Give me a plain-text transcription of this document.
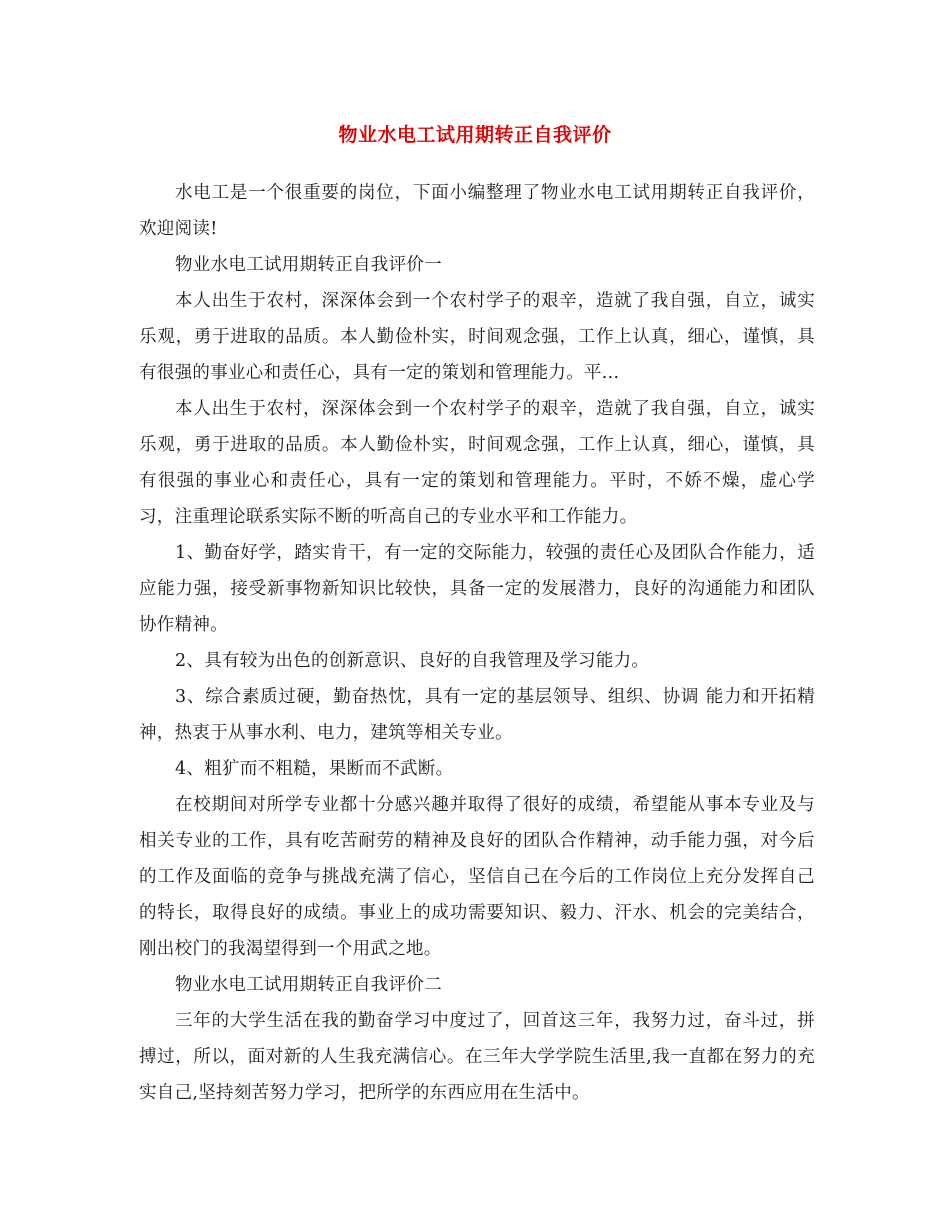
物业水电工试用期转正自我评价

水电工是一个很重要的岗位，下面小编整理了物业水电工试用期转正自我评价，欢迎阅读!

物业水电工试用期转正自我评价一

本人出生于农村，深深体会到一个农村学子的艰辛，造就了我自强，自立，诚实乐观，勇于进取的品质。本人勤俭朴实，时间观念强，工作上认真，细心，谨慎，具有很强的事业心和责任心，具有一定的策划和管理能力。平...

本人出生于农村，深深体会到一个农村学子的艰辛，造就了我自强，自立，诚实乐观，勇于进取的品质。本人勤俭朴实，时间观念强，工作上认真，细心，谨慎，具有很强的事业心和责任心，具有一定的策划和管理能力。平时，不娇不燥，虚心学习，注重理论联系实际不断的听高自己的专业水平和工作能力。

1、勤奋好学，踏实肯干，有一定的交际能力，较强的责任心及团队合作能力，适应能力强，接受新事物新知识比较快，具备一定的发展潜力，良好的沟通能力和团队协作精神。

2、具有较为出色的创新意识、良好的自我管理及学习能力。

3、综合素质过硬，勤奋热忱，具有一定的基层领导、组织、协调 能力和开拓精神，热衷于从事水利、电力，建筑等相关专业。

4、粗犷而不粗糙，果断而不武断。

在校期间对所学专业都十分感兴趣并取得了很好的成绩，希望能从事本专业及与相关专业的工作，具有吃苦耐劳的精神及良好的团队合作精神，动手能力强，对今后的工作及面临的竞争与挑战充满了信心，坚信自己在今后的工作岗位上充分发挥自己的特长，取得良好的成绩。事业上的成功需要知识、毅力、汗水、机会的完美结合，刚出校门的我渴望得到一个用武之地。

物业水电工试用期转正自我评价二

三年的大学生活在我的勤奋学习中度过了，回首这三年，我努力过，奋斗过，拼搏过，所以，面对新的人生我充满信心。在三年大学学院生活里,我一直都在努力的充实自己,坚持刻苦努力学习，把所学的东西应用在生活中。
